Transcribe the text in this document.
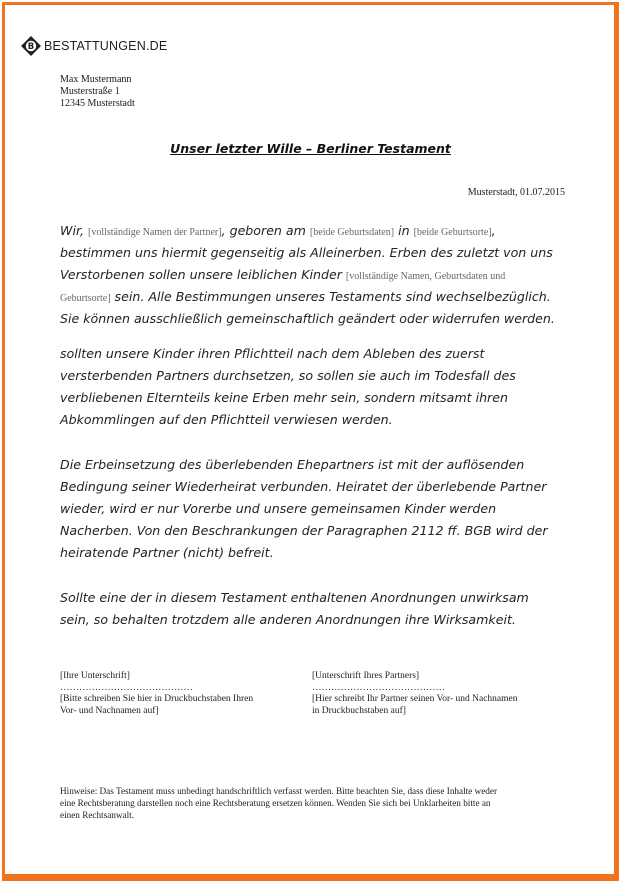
B BESTATTUNGEN.DE
Max Mustermann
Musterstraße 1
12345 Musterstadt
Unser letzter Wille – Berliner Testament
Musterstadt, 01.07.2015
Wir, [vollständige Namen der Partner], geboren am [beide Geburtsdaten] in [beide Geburtsorte],
bestimmen uns hiermit gegenseitig als Alleinerben. Erben des zuletzt von uns
Verstorbenen sollen unsere leiblichen Kinder [vollständige Namen, Geburtsdaten und
Geburtsorte] sein. Alle Bestimmungen unseres Testaments sind wechselbezüglich.
Sie können ausschließlich gemeinschaftlich geändert oder widerrufen werden.
sollten unsere Kinder ihren Pflichtteil nach dem Ableben des zuerst
versterbenden Partners durchsetzen, so sollen sie auch im Todesfall des
verbliebenen Elternteils keine Erben mehr sein, sondern mitsamt ihren
Abkommlingen auf den Pflichtteil verwiesen werden.
Die Erbeinsetzung des überlebenden Ehepartners ist mit der auflösenden
Bedingung seiner Wiederheirat verbunden. Heiratet der überlebende Partner
wieder, wird er nur Vorerbe und unsere gemeinsamen Kinder werden
Nacherben. Von den Beschrankungen der Paragraphen 2112 ff. BGB wird der
heiratende Partner (nicht) befreit.
Sollte eine der in diesem Testament enthaltenen Anordnungen unwirksam
sein, so behalten trotzdem alle anderen Anordnungen ihre Wirksamkeit.
[Ihre Unterschrift]
……………………………………
[Bitte schreiben Sie hier in Druckbuchstaben Ihren
Vor- und Nachnamen auf]
[Unterschrift Ihres Partners]
……………………………………
[Hier schreibt Ihr Partner seinen Vor- und Nachnamen
in Druckbuchstaben auf]
Hinweise: Das Testament muss unbedingt handschriftlich verfasst werden. Bitte beachten Sie, dass diese Inhalte weder
eine Rechtsberatung darstellen noch eine Rechtsberatung ersetzen können. Wenden Sie sich bei Unklarheiten bitte an
einen Rechtsanwalt.
